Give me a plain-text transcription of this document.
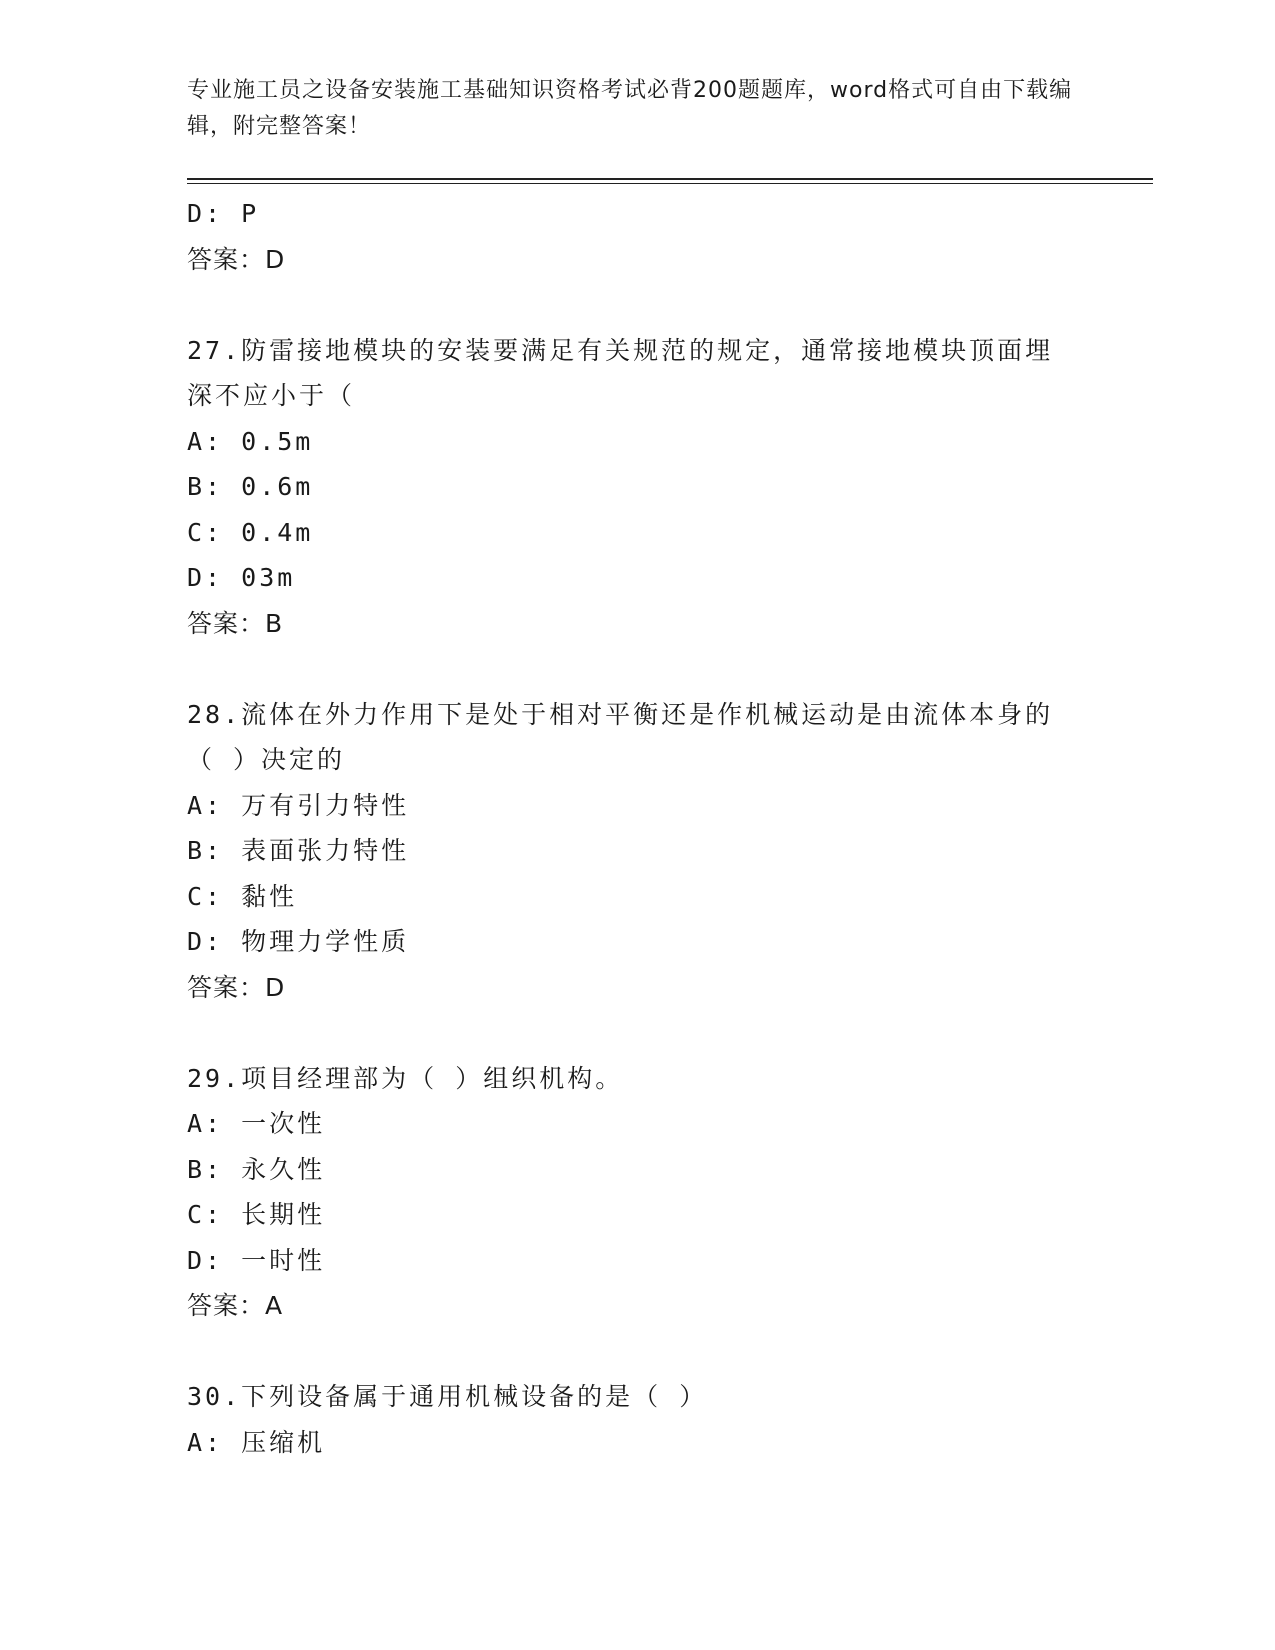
专业施工员之设备安装施工基础知识资格考试必背200题题库，word格式可自由下载编辑，附完整答案！
D: P
答案：D
27.防雷接地模块的安装要满足有关规范的规定，通常接地模块顶面埋
深不应小于（
A: 0.5m
B: 0.6m
C: 0.4m
D: 03m
答案：B
28.流体在外力作用下是处于相对平衡还是作机械运动是由流体本身的
（ ）决定的
A: 万有引力特性
B: 表面张力特性
C: 黏性
D: 物理力学性质
答案：D
29.项目经理部为（ ）组织机构。
A: 一次性
B: 永久性
C: 长期性
D: 一时性
答案：A
30.下列设备属于通用机械设备的是（ ）
A: 压缩机
